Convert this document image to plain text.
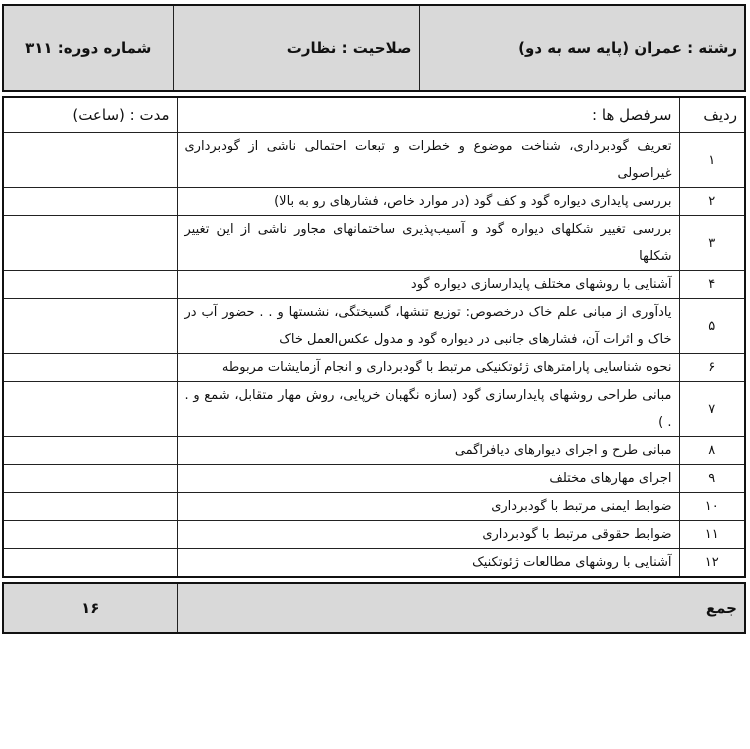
رشته : عمران (پایه سه به دو)	صلاحیت : نظارت	شماره دوره: ۳۱۱
ردیف	سرفصل ها :	مدت : (ساعت)
۱	تعریف گودبرداری، شناخت موضوع و خطرات و تبعات احتمالی ناشی از گودبرداری غیراصولی	
۲	بررسی پایداری دیواره گود و کف گود (در موارد خاص، فشارهای رو به بالا)	
۳	بررسی تغییر شکلهای دیواره گود و آسیب‌پذیری ساختمانهای مجاور ناشی از این تغییر شکلها	
۴	آشنایی با روشهای مختلف پایدارسازی دیواره گود	
۵	یادآوری از مبانی علم خاک درخصوص: توزیع تنشها، گسیختگی، نشستها و . . حضور آب در خاک و اثرات آن، فشارهای جانبی در دیواره گود و مدول عکس‌العمل خاک	
۶	نحوه شناسایی پارامترهای ژئوتکنیکی مرتبط با گودبرداری و انجام آزمایشات مربوطه	
۷	مبانی طراحی روشهای پایدارسازی گود (سازه نگهبان خرپایی، روش مهار متقابل، شمع و . . )	
۸	مبانی طرح و اجرای دیوارهای دیافراگمی	
۹	اجرای مهارهای مختلف	
۱۰	ضوابط ایمنی مرتبط با گودبرداری	
۱۱	ضوابط حقوقی مرتبط با گودبرداری	
۱۲	آشنایی با روشهای مطالعات ژئوتکنیک	
جمع	۱۶
